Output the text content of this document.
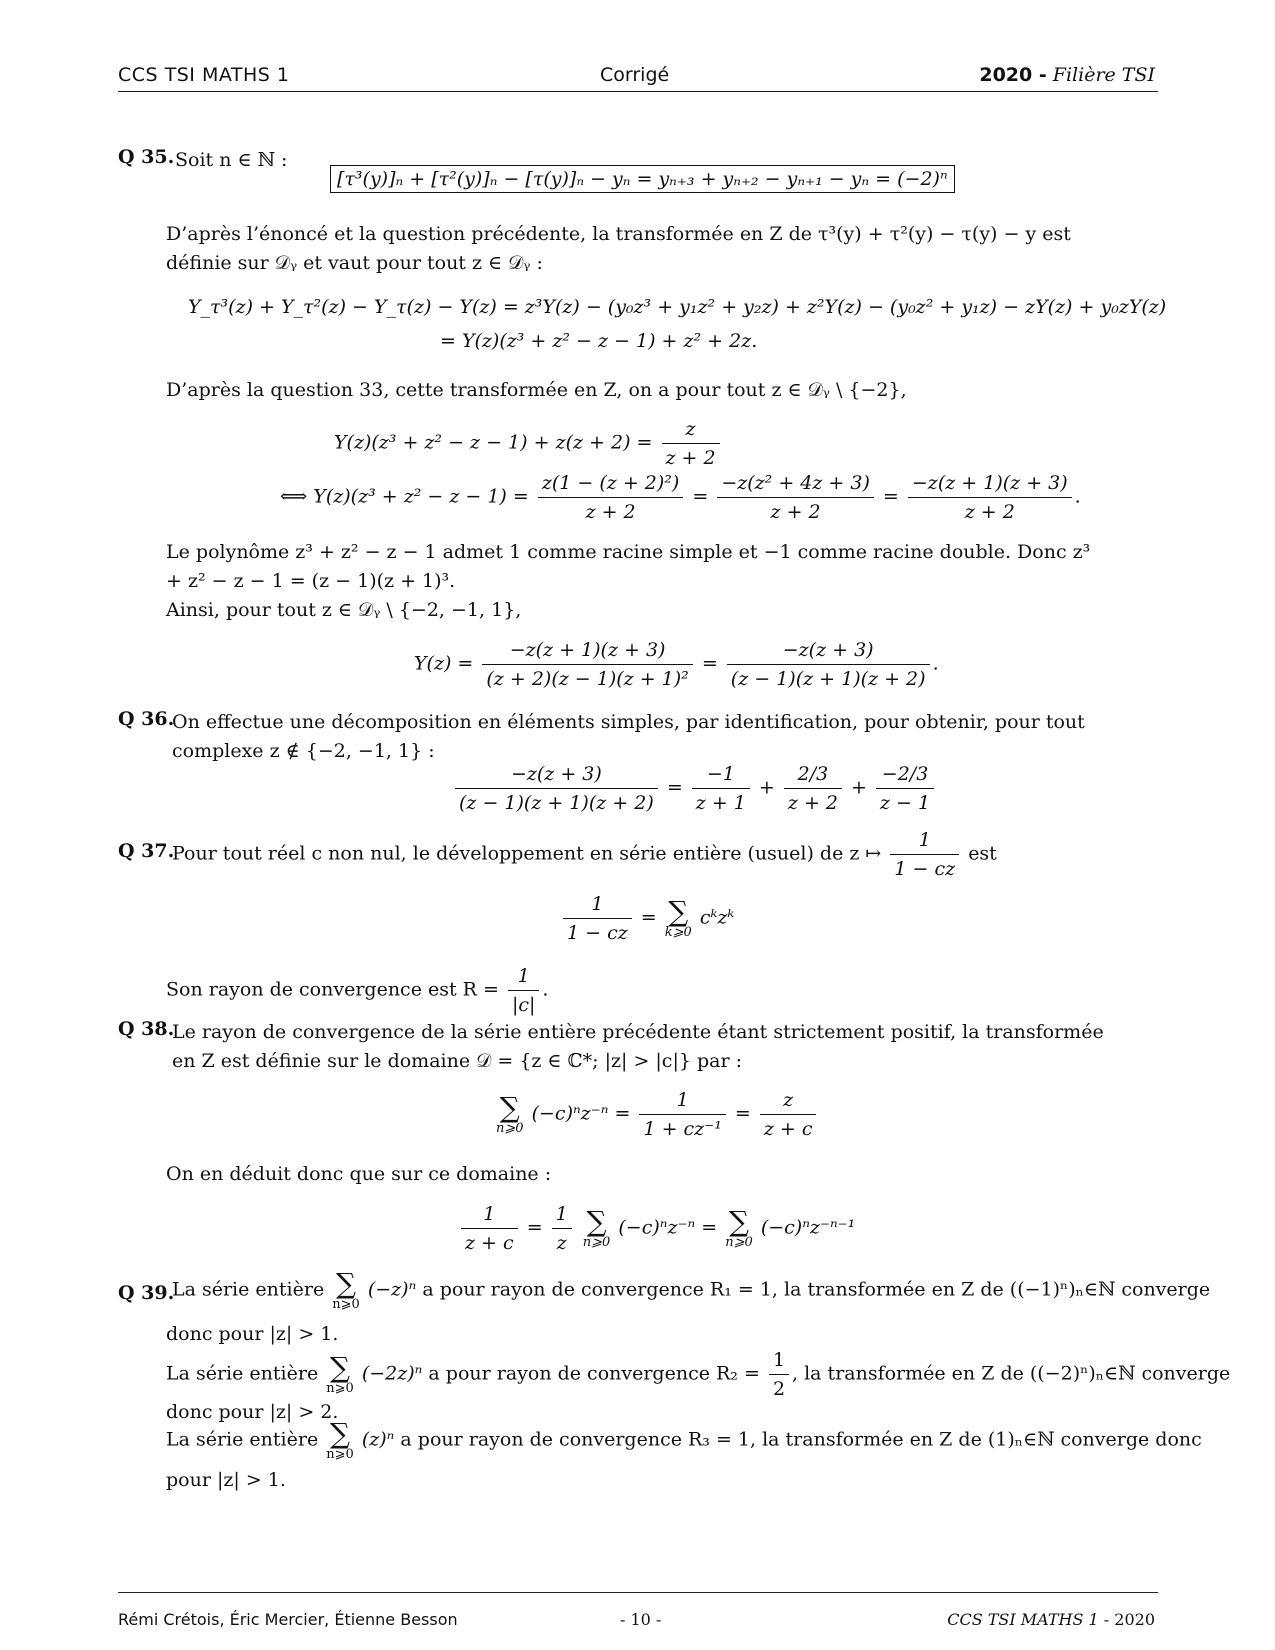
CCS TSI MATHS 1	Corrigé	2020 - Filière TSI
Q 35. Soit n ∈ ℕ :
[τ³(y)]ₙ + [τ²(y)]ₙ − [τ(y)]ₙ − yₙ = yₙ₊₃ + yₙ₊₂ − yₙ₊₁ − yₙ = (−2)ⁿ
D’après l’énoncé et la question précédente, la transformée en Z de τ³(y) + τ²(y) − τ(y) − y est définie sur 𝒟ᵧ et vaut pour tout z ∈ 𝒟ᵧ :
Y_τ³(z) + Y_τ²(z) − Y_τ(z) − Y(z) = z³Y(z) − (y₀z³ + y₁z² + y₂z) + z²Y(z) − (y₀z² + y₁z) − zY(z) + y₀zY(z)
= Y(z)(z³ + z² − z − 1) + z² + 2z.
D’après la question 33, cette transformée en Z, on a pour tout z ∈ 𝒟ᵧ \ {−2},
$Y(z)(z^3 + z^2 - z - 1) + z(z + 2) = \frac{z}{z + 2}$
⟺ $Y(z)(z^3 + z^2 - z - 1) = \frac{\text{z(1 − (z + 2)²)}}{z + 2} = \frac{\text{−z(z² + 4z + 3)}}{z + 2} = \frac{-z(z + 1)(z + 3)}{z + 2}$ .
Le polynôme z³ + z² − z − 1 admet 1 comme racine simple et −1 comme racine double. Donc z³ + z² − z − 1 = (z − 1)(z + 1)³.
Ainsi, pour tout z ∈ 𝒟ᵧ \ {−2, −1, 1},
$Y(z) = \frac{-z(z + 1)(z + 3)}{\text{(z + 2)(z − 1)(z + 1)²}} = \frac{-z(z + 3)}{(z - 1)(z + 1)(z + 2)}$ .
Q 36.
On effectue une décomposition en éléments simples, par identification, pour obtenir, pour tout complexe z ∉ {−2, −1, 1} :
$\frac{-z(z + 3)}{(z - 1)(z + 1)(z + 2)} = \frac{-1}{z + 1} + \frac{2/3}{z + 2} + \frac{-2/3}{z - 1}$
Q 37.
Pour tout réel c non nul, le développement en série entière (usuel) de z ↦ $\frac{1}{1 - cz}$ est
$\frac{1}{1 - cz}$ = ∑
k⩾0
cᵏzᵏ
Son rayon de convergence est $R = \frac{1}{|c|}$ .
Q 38.
Le rayon de convergence de la série entière précédente étant strictement positif, la transformée en Z est définie sur le domaine 𝒟 = {z ∈ ℂ*; |z| > |c|} par :
∑
n⩾0
$(-c)^nz^{-n} = \frac{1}{\text{1 + cz⁻¹}} = \frac{z}{z + c}$
On en déduit donc que sur ce domaine :
$\frac{1}{z + c} = \frac{1}{z}$
∑
n⩾0
(−c)ⁿz⁻ⁿ = ∑
n⩾0
(−c)ⁿz⁻ⁿ⁻¹
Q 39.
La série entière ∑
n⩾0
(−z)ⁿ a pour rayon de convergence R₁ = 1, la transformée en Z de ((−1)ⁿ)ₙ∈ℕ converge
donc pour |z| > 1.
La série entière ∑
n⩾0
(−2z)ⁿ a pour rayon de convergence $R_2 = \frac{1}{2}$ , la transformée en Z de ((−2)ⁿ)ₙ∈ℕ converge
donc pour |z| > 2.
La série entière ∑
n⩾0
(z)ⁿ a pour rayon de convergence R₃ = 1, la transformée en Z de (1)ₙ∈ℕ converge donc
pour |z| > 1.
Rémi Crétois, Éric Mercier, Étienne Besson	- 10 -	CCS TSI MATHS 1 - 2020
